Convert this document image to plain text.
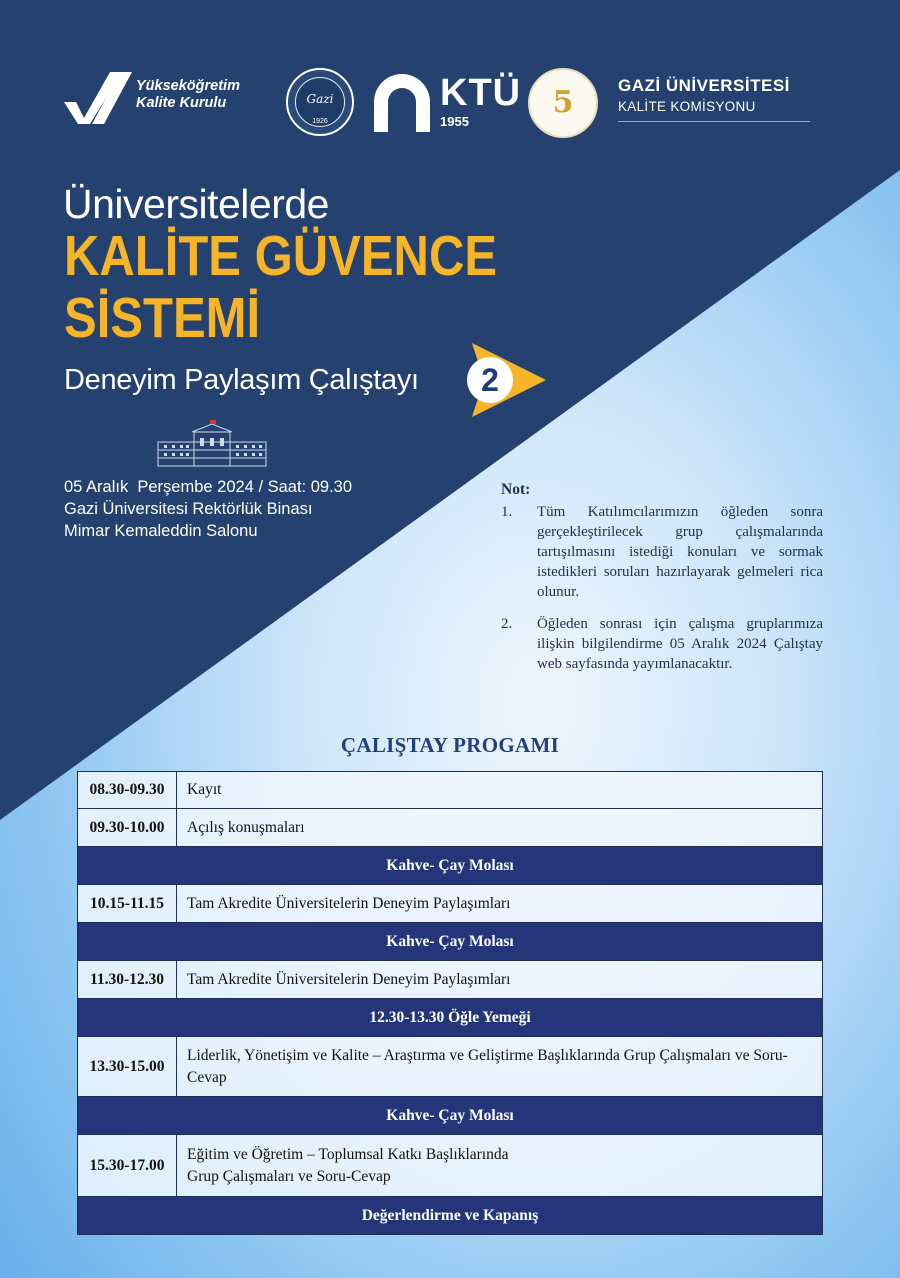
Yükseköğretim
Kalite Kurulu	Gazi
1926
KTÜ
1955
5	GAZİ ÜNİVERSİTESİ
KALİTE KOMİSYONU
Üniversitelerde
KALİTE GÜVENCE
SİSTEMİ
Deneyim Paylaşım Çalıştayı 2
05 Aralık  Perşembe 2024 / Saat: 09.30
Gazi Üniversitesi Rektörlük Binası
Mimar Kemaleddin Salonu
Not:
1. Tüm Katılımcılarımızın öğleden sonra gerçekleştirilecek grup çalışmalarında tartışılmasını istediği konuları ve sormak istedikleri soruları hazırlayarak gelmeleri rica olunur.
2. Öğleden sonrası için çalışma gruplarımıza ilişkin bilgilendirme 05 Aralık 2024 Çalıştay web sayfasında yayımlanacaktır.
ÇALIŞTAY PROGAMI
08.30-09.30	Kayıt
09.30-10.00	Açılış konuşmaları
Kahve- Çay Molası	
10.15-11.15	Tam Akredite Üniversitelerin Deneyim Paylaşımları
Kahve- Çay Molası	
11.30-12.30	Tam Akredite Üniversitelerin Deneyim Paylaşımları
12.30-13.30 Öğle Yemeği	
13.30-15.00	Liderlik, Yönetişim ve Kalite – Araştırma ve Geliştirme Başlıklarında Grup Çalışmaları ve Soru-Cevap
Kahve- Çay Molası	
15.30-17.00	Eğitim ve Öğretim – Toplumsal Katkı Başlıklarında
Grup Çalışmaları ve Soru-Cevap
Değerlendirme ve Kapanış	
